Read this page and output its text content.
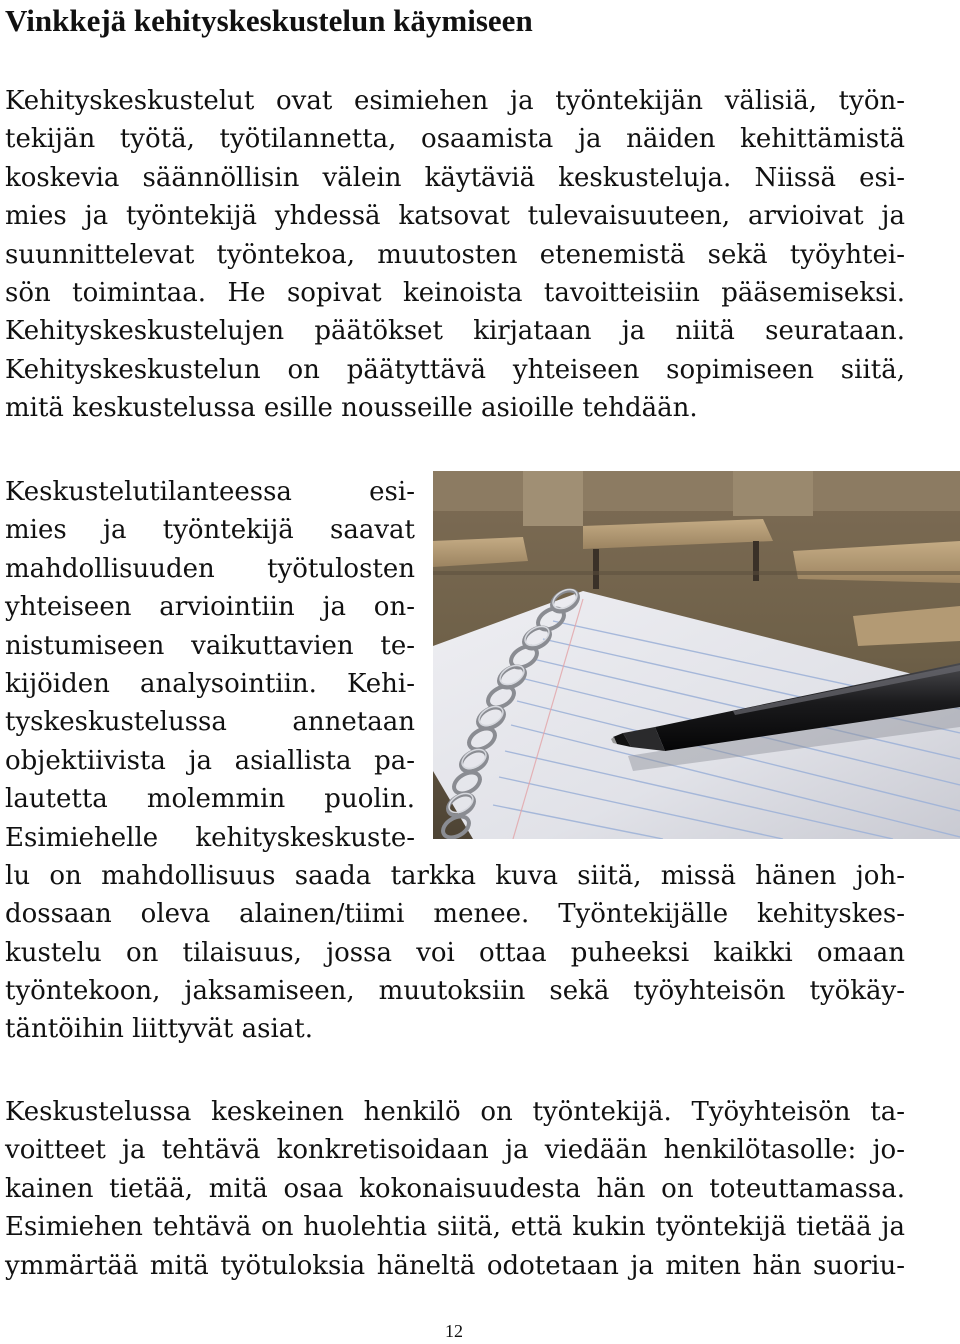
Vinkkejä kehityskeskustelun käymiseen
Kehityskeskustelut ovat esimiehen ja työntekijän välisiä, työn-
tekijän työtä, työtilannetta, osaamista ja näiden kehittämistä
koskevia säännöllisin välein käytäviä keskusteluja. Niissä esi-
mies ja työntekijä yhdessä katsovat tulevaisuuteen, arvioivat ja
suunnittelevat työntekoa, muutosten etenemistä sekä työyhtei-
sön toimintaa. He sopivat keinoista tavoitteisiin pääsemiseksi.
Kehityskeskustelujen päätökset kirjataan ja niitä seurataan.
Kehityskeskustelun on päätyttävä yhteiseen sopimiseen siitä,
mitä keskustelussa esille nousseille asioille tehdään.
Keskustelutilanteessa esi-
mies ja työntekijä saavat
mahdollisuuden työtulosten
yhteiseen arviointiin ja on-
nistumiseen vaikuttavien te-
kijöiden analysointiin. Kehi-
tyskeskustelussa annetaan
objektiivista ja asiallista pa-
lautetta molemmin puolin.
Esimiehelle kehityskeskuste-
lu on mahdollisuus saada tarkka kuva siitä, missä hänen joh-
dossaan oleva alainen/tiimi menee. Työntekijälle kehityskes-
kustelu on tilaisuus, jossa voi ottaa puheeksi kaikki omaan
työntekoon, jaksamiseen, muutoksiin sekä työyhteisön työkäy-
täntöihin liittyvät asiat.
Keskustelussa keskeinen henkilö on työntekijä. Työyhteisön ta-
voitteet ja tehtävä konkretisoidaan ja viedään henkilötasolle: jo-
kainen tietää, mitä osaa kokonaisuudesta hän on toteuttamassa.
Esimiehen tehtävä on huolehtia siitä, että kukin työntekijä tietää ja
ymmärtää mitä työtuloksia häneltä odotetaan ja miten hän suoriu-
12
